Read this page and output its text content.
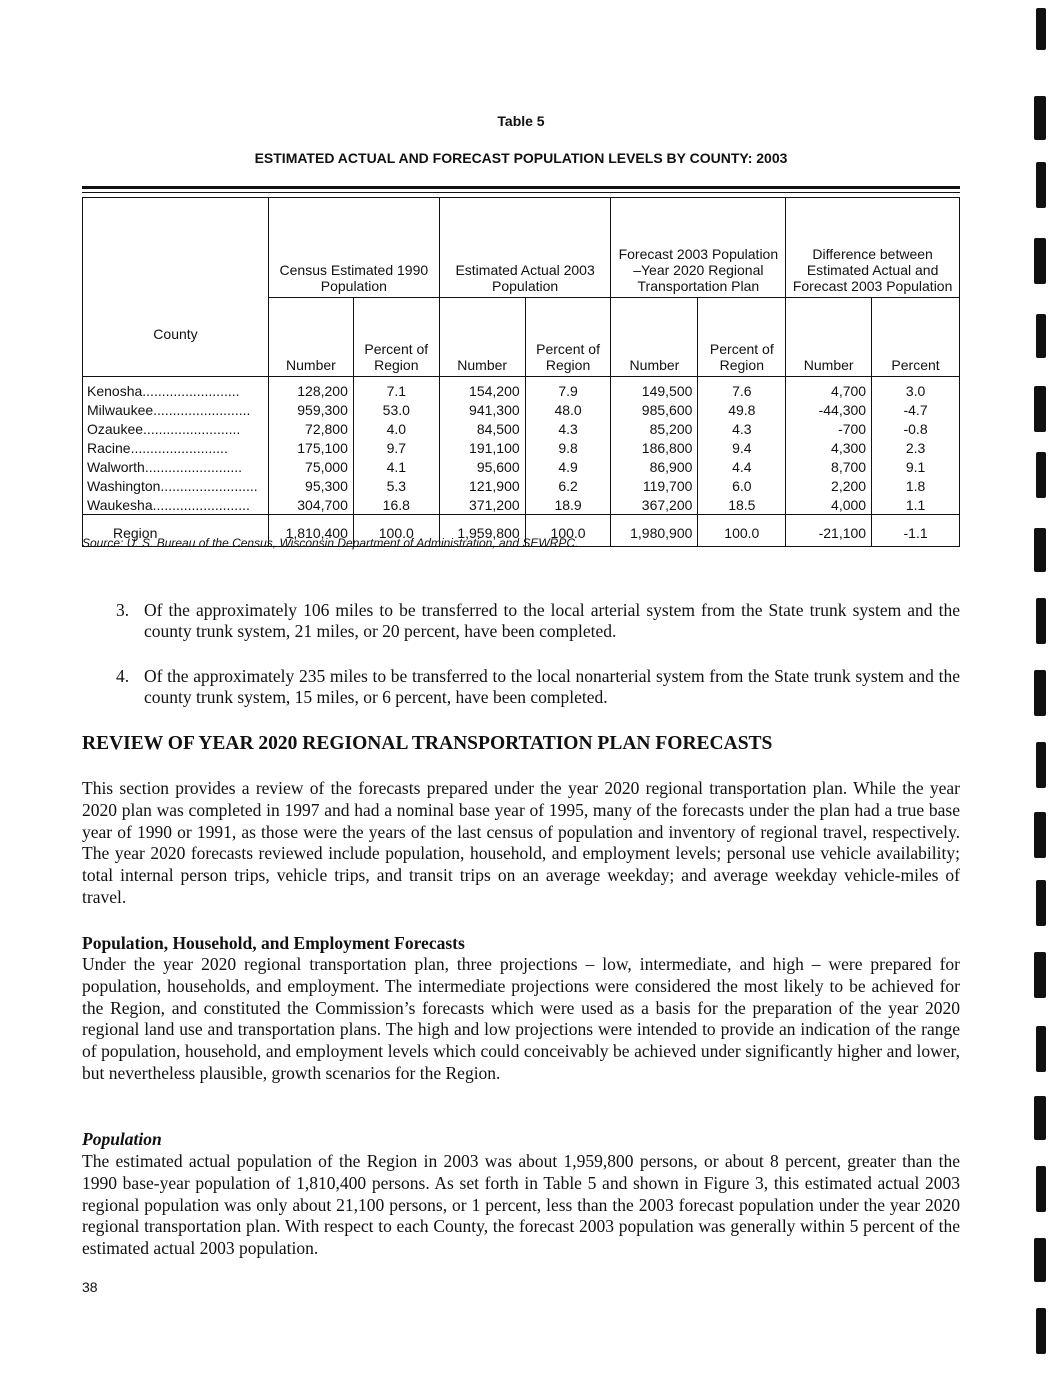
Table 5
ESTIMATED ACTUAL AND FORECAST POPULATION LEVELS BY COUNTY: 2003
County	Census Estimated 1990 Population		Estimated Actual 2003 Population		Forecast 2003 Population –Year 2020 Regional Transportation Plan		Difference between Estimated Actual and Forecast 2003 Population	
	Number	Percent of Region	Number	Percent of Region	Number	Percent of Region	Number	Percent
Kenosha.........................	128,200	7.1	154,200	7.9	149,500	7.6	4,700	3.0
Milwaukee.........................	959,300	53.0	941,300	48.0	985,600	49.8	-44,300	-4.7
Ozaukee.........................	72,800	4.0	84,500	4.3	85,200	4.3	-700	-0.8
Racine.........................	175,100	9.7	191,100	9.8	186,800	9.4	4,300	2.3
Walworth.........................	75,000	4.1	95,600	4.9	86,900	4.4	8,700	9.1
Washington.........................	95,300	5.3	121,900	6.2	119,700	6.0	2,200	1.8
Waukesha.........................	304,700	16.8	371,200	18.9	367,200	18.5	4,000	1.1
Region	1,810,400	100.0	1,959,800	100.0	1,980,900	100.0	-21,100	-1.1
Source: U. S. Bureau of the Census, Wisconsin Department of Administration, and SEWRPC.
3. Of the approximately 106 miles to be transferred to the local arterial system from the State trunk system and the county trunk system, 21 miles, or 20 percent, have been completed.
4. Of the approximately 235 miles to be transferred to the local nonarterial system from the State trunk system and the county trunk system, 15 miles, or 6 percent, have been completed.
REVIEW OF YEAR 2020 REGIONAL TRANSPORTATION PLAN FORECASTS
This section provides a review of the forecasts prepared under the year 2020 regional transportation plan. While the year 2020 plan was completed in 1997 and had a nominal base year of 1995, many of the forecasts under the plan had a true base year of 1990 or 1991, as those were the years of the last census of population and inventory of regional travel, respectively. The year 2020 forecasts reviewed include population, household, and employment levels; personal use vehicle availability; total internal person trips, vehicle trips, and transit trips on an average weekday; and average weekday vehicle-miles of travel.
Population, Household, and Employment Forecasts
Under the year 2020 regional transportation plan, three projections – low, intermediate, and high – were prepared for population, households, and employment. The intermediate projections were considered the most likely to be achieved for the Region, and constituted the Commission’s forecasts which were used as a basis for the preparation of the year 2020 regional land use and transportation plans. The high and low projections were intended to provide an indication of the range of population, household, and employment levels which could conceivably be achieved under significantly higher and lower, but nevertheless plausible, growth scenarios for the Region.
Population
The estimated actual population of the Region in 2003 was about 1,959,800 persons, or about 8 percent, greater than the 1990 base-year population of 1,810,400 persons. As set forth in Table 5 and shown in Figure 3, this estimated actual 2003 regional population was only about 21,100 persons, or 1 percent, less than the 2003 forecast population under the year 2020 regional transportation plan. With respect to each County, the forecast 2003 population was generally within 5 percent of the estimated actual 2003 population.
38
